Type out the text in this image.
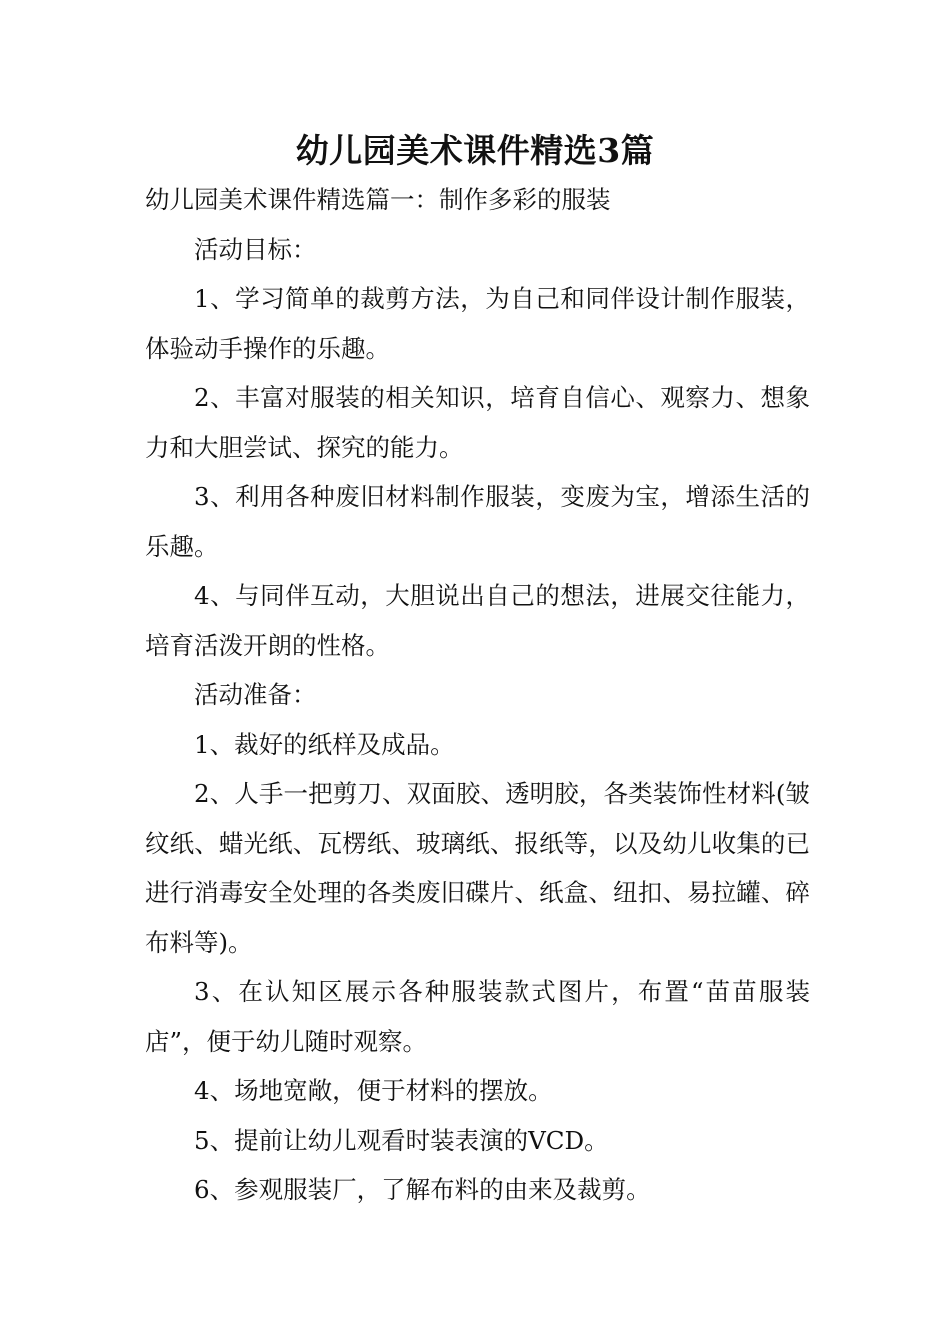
幼儿园美术课件精选3篇

幼儿园美术课件精选篇一：制作多彩的服装

活动目标：

1、学习简单的裁剪方法，为自己和同伴设计制作服装，体验动手操作的乐趣。

2、丰富对服装的相关知识，培育自信心、观察力、想象力和大胆尝试、探究的能力。

3、利用各种废旧材料制作服装，变废为宝，增添生活的乐趣。

4、与同伴互动，大胆说出自己的想法，进展交往能力，培育活泼开朗的性格。

活动准备：

1、裁好的纸样及成品。

2、人手一把剪刀、双面胶、透明胶，各类装饰性材料(皱纹纸、蜡光纸、瓦楞纸、玻璃纸、报纸等，以及幼儿收集的已进行消毒安全处理的各类废旧碟片、纸盒、纽扣、易拉罐、碎布料等)。

3、在认知区展示各种服装款式图片，布置“苗苗服装店”，便于幼儿随时观察。

4、场地宽敞，便于材料的摆放。

5、提前让幼儿观看时装表演的VCD。

6、参观服装厂，了解布料的由来及裁剪。
